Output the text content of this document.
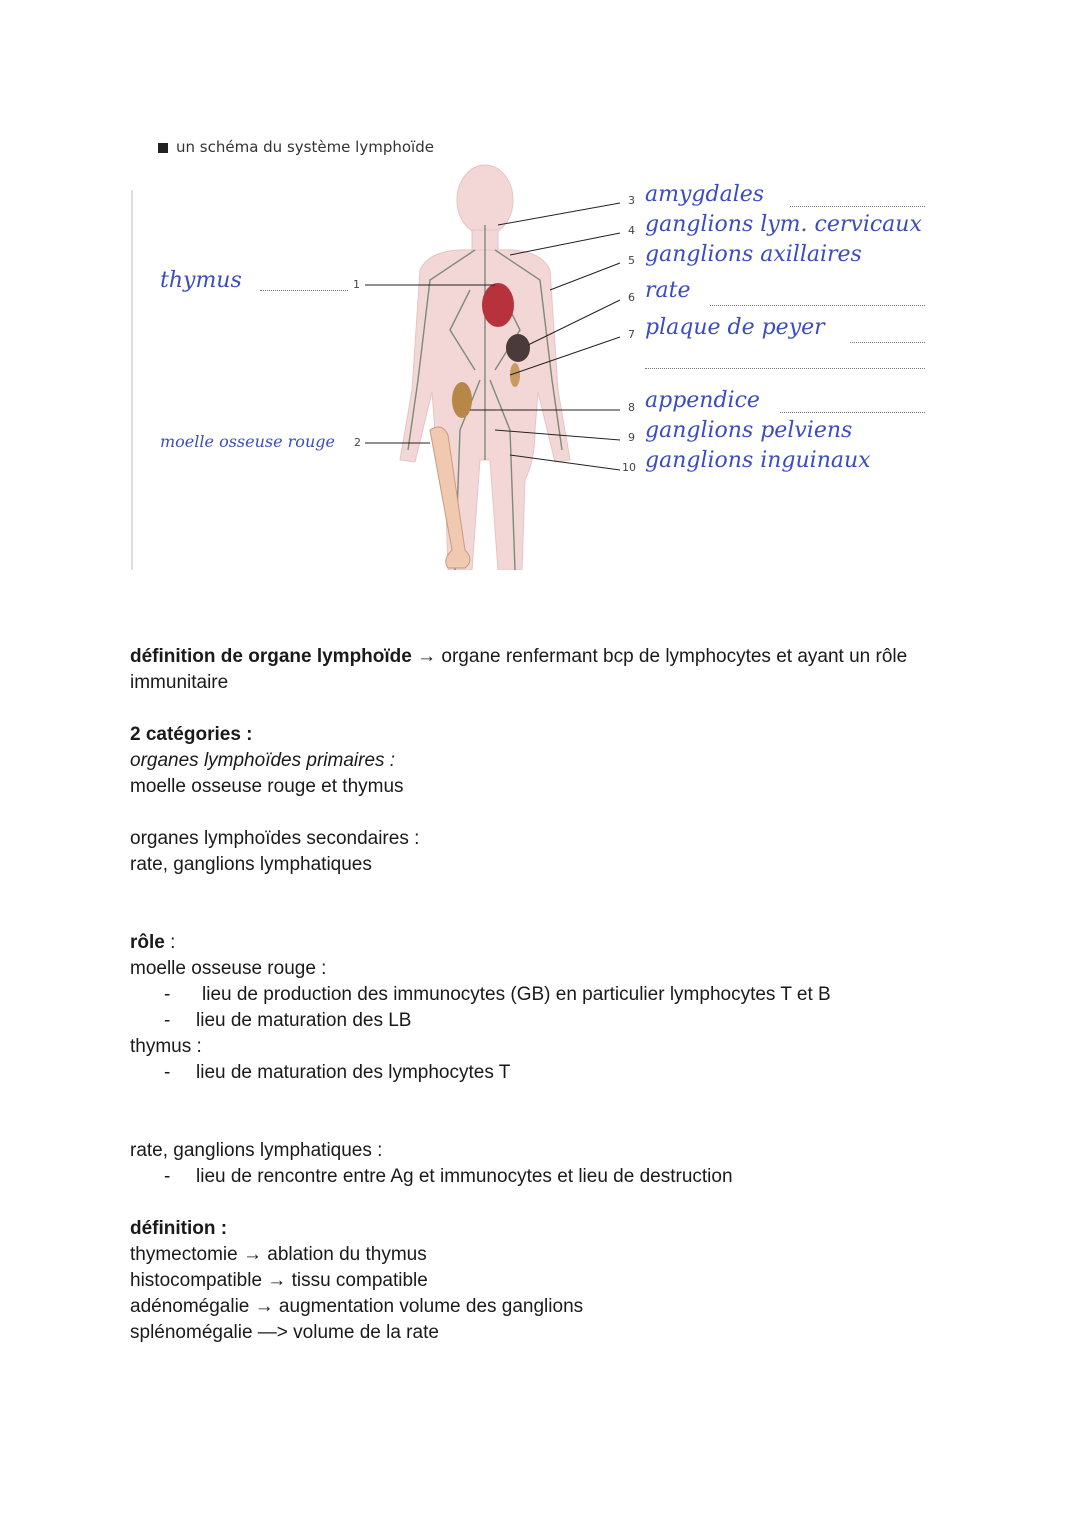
un schéma du système lymphoïde
thymus	1
moelle osseuse rouge 2
3 amygdales
4 ganglions lym. cervicaux
5 ganglions axillaires
6 rate
7 plaque de peyer
8 appendice
9 ganglions pelviens
10 ganglions inguinaux
définition de organe lymphoïde → organe renfermant bcp de lymphocytes et ayant un rôle
immunitaire
2 catégories :
organes lymphoïdes primaires :
moelle osseuse rouge et thymus
organes lymphoïdes secondaires :
rate, ganglions lymphatiques
rôle :
moelle osseuse rouge :
- lieu de production des immunocytes (GB) en particulier lymphocytes T et B
- lieu de maturation des LB
thymus :
- lieu de maturation des lymphocytes T
rate, ganglions lymphatiques :
- lieu de rencontre entre Ag et immunocytes et lieu de destruction
définition :
thymectomie → ablation du thymus
histocompatible → tissu compatible
adénomégalie → augmentation volume des ganglions
splénomégalie —> volume de la rate
